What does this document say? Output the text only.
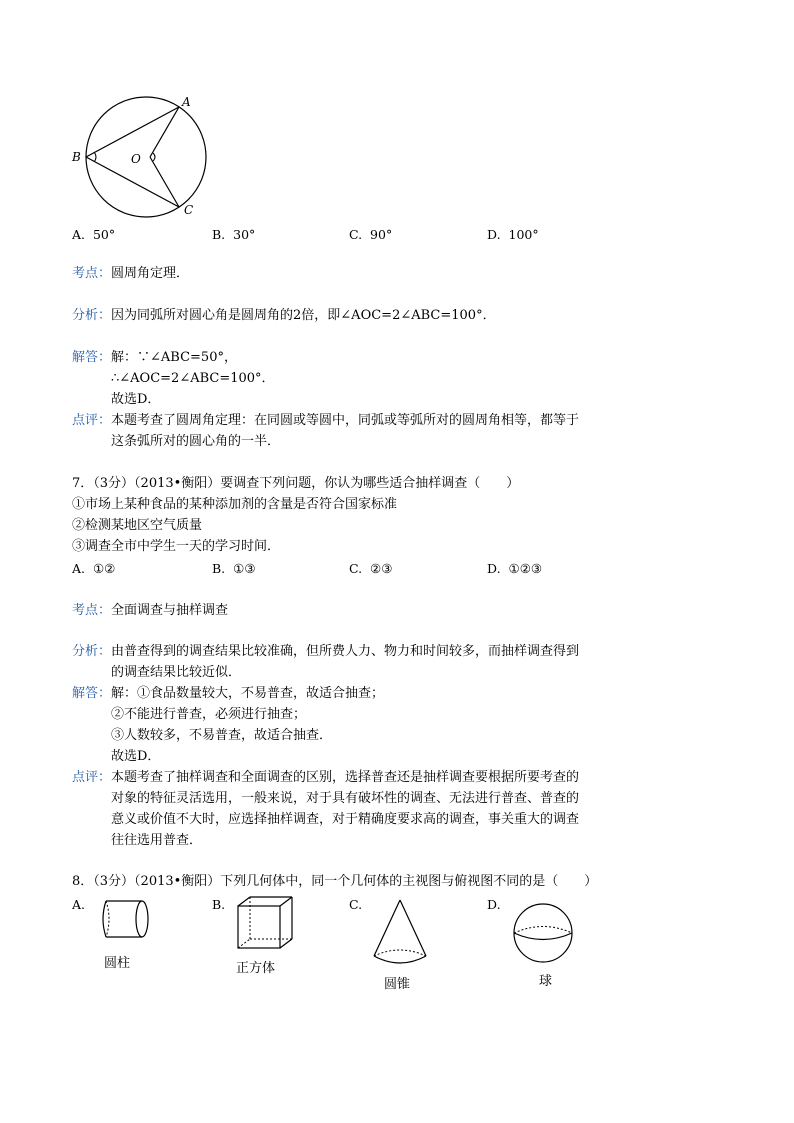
A
B
C
O
A. 50°	B. 30°	C. 90°	D. 100°
考点：圆周角定理．
分析：因为同弧所对圆心角是圆周角的2倍，即∠AOC=2∠ABC=100°．
解答：解：∵∠ABC=50°，
∴∠AOC=2∠ABC=100°．
故选D．
点评：本题考查了圆周角定理：在同圆或等圆中，同弧或等弧所对的圆周角相等，都等于
这条弧所对的圆心角的一半．
7．（3分）（2013•衡阳）要调查下列问题，你认为哪些适合抽样调查（　　）
①市场上某种食品的某种添加剂的含量是否符合国家标准
②检测某地区空气质量
③调查全市中学生一天的学习时间．
A. ①②	B. ①③	C. ②③	D. ①②③
考点：全面调查与抽样调查
分析：由普查得到的调查结果比较准确，但所费人力、物力和时间较多，而抽样调查得到
的调查结果比较近似．
解答：解：①食品数量较大，不易普查，故适合抽查；
②不能进行普查，必须进行抽查；
③人数较多，不易普查，故适合抽查．
故选D．
点评：本题考查了抽样调查和全面调查的区别，选择普查还是抽样调查要根据所要考查的
对象的特征灵活选用，一般来说，对于具有破坏性的调查、无法进行普查、普查的
意义或价值不大时，应选择抽样调查，对于精确度要求高的调查，事关重大的调查
往往选用普查．
8．（3分）（2013•衡阳）下列几何体中，同一个几何体的主视图与俯视图不同的是（　　）
A.	B.	C.	D.
圆柱	正方体
圆锥	球
